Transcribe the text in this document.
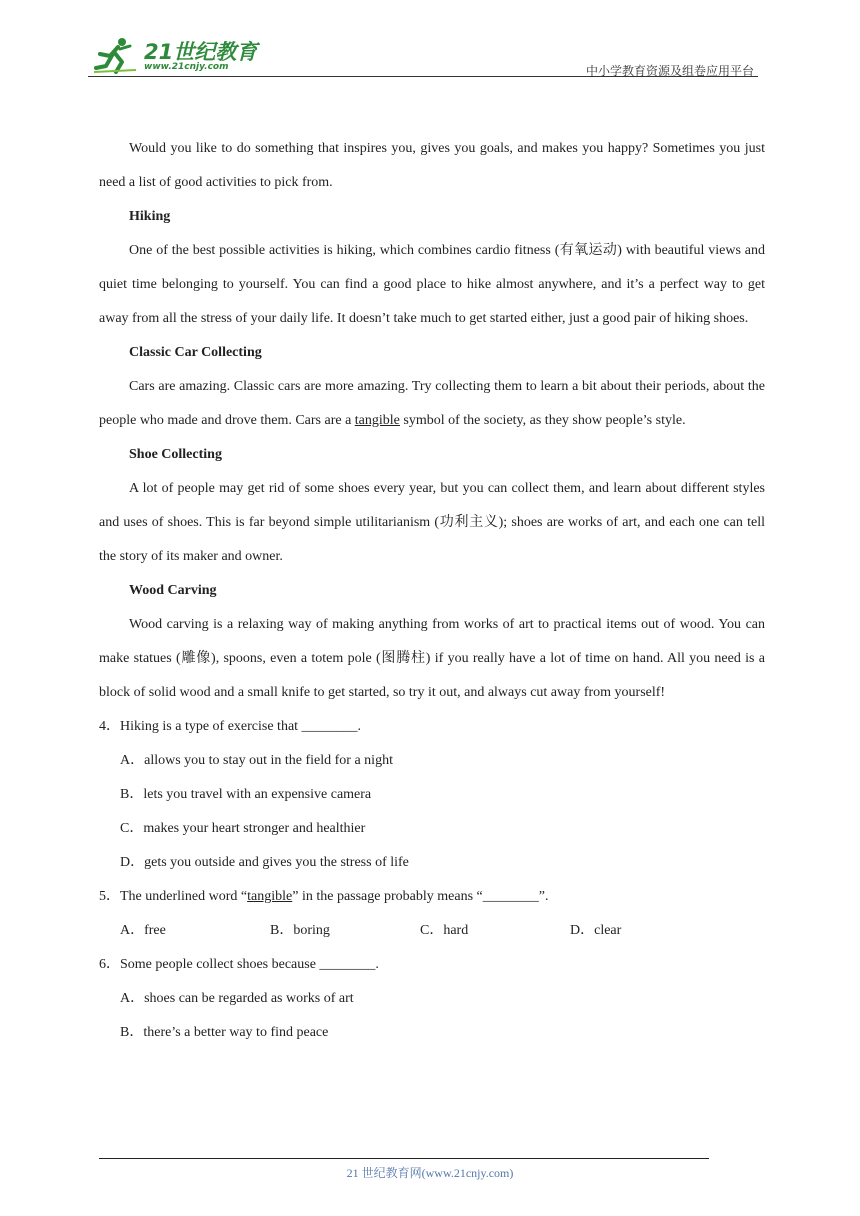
21世纪教育
www.21cnjy.com	中小学教育资源及组卷应用平台

Would you like to do something that inspires you, gives you goals, and makes you happy? Sometimes you just need a list of good activities to pick from.

Hiking

One of the best possible activities is hiking, which combines cardio fitness (有氧运动) with beautiful views and quiet time belonging to yourself. You can find a good place to hike almost anywhere, and it’s a perfect way to get away from all the stress of your daily life. It doesn’t take much to get started either, just a good pair of hiking shoes.

Classic Car Collecting

Cars are amazing. Classic cars are more amazing. Try collecting them to learn a bit about their periods, about the people who made and drove them. Cars are a tangible symbol of the society, as they show people’s style.

Shoe Collecting

A lot of people may get rid of some shoes every year, but you can collect them, and learn about different styles and uses of shoes. This is far beyond simple utilitarianism (功利主义); shoes are works of art, and each one can tell the story of its maker and owner.

Wood Carving

Wood carving is a relaxing way of making anything from works of art to practical items out of wood. You can make statues (雕像), spoons, even a totem pole (图腾柱) if you really have a lot of time on hand. All you need is a block of solid wood and a small knife to get started, so try it out, and always cut away from yourself!

4．Hiking is a type of exercise that ________.

A．allows you to stay out in the field for a night

B．lets you travel with an expensive camera

C．makes your heart stronger and healthier

D．gets you outside and gives you the stress of life

5．The underlined word “tangible” in the passage probably means “________”.

A．free	B．boring	C．hard	D．clear

6．Some people collect shoes because ________.

A．shoes can be regarded as works of art

B．there’s a better way to find peace

21 世纪教育网(www.21cnjy.com)
